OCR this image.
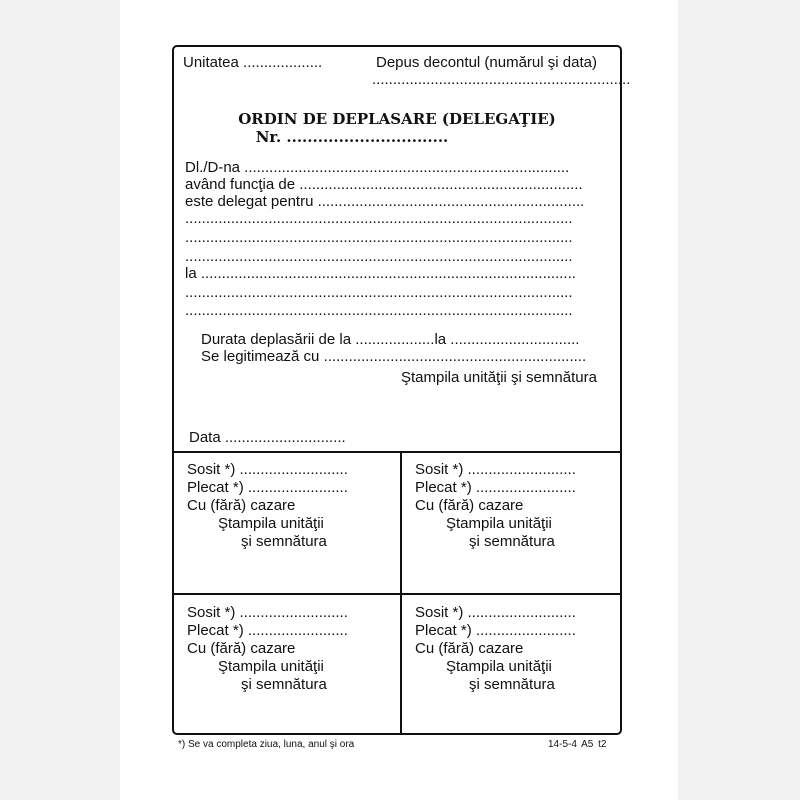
Unitatea ...................	Depus decontul (numărul şi data)
..............................................................
ORDIN DE DEPLASARE (DELEGAŢIE)
Nr. ...............................
Dl./D-na ..............................................................................
având funcţia de ....................................................................
este delegat pentru ................................................................
.............................................................................................
.............................................................................................
.............................................................................................
la ..........................................................................................
.............................................................................................
.............................................................................................
Durata deplasării de la ...................la ...............................
Se legitimează cu ...............................................................
Ştampila unităţii şi semnătura
Data .............................
Sosit *) ..........................
Plecat *) ........................
Cu (fără) cazare
Ştampila unităţii
şi semnătura
Sosit *) ..........................
Plecat *) ........................
Cu (fără) cazare
Ştampila unităţii
şi semnătura
Sosit *) ..........................
Plecat *) ........................
Cu (fără) cazare
Ştampila unităţii
şi semnătura
Sosit *) ..........................
Plecat *) ........................
Cu (fără) cazare
Ştampila unităţii
şi semnătura
*) Se va completa ziua, luna, anul şi ora	14-5-4 A5 t2
